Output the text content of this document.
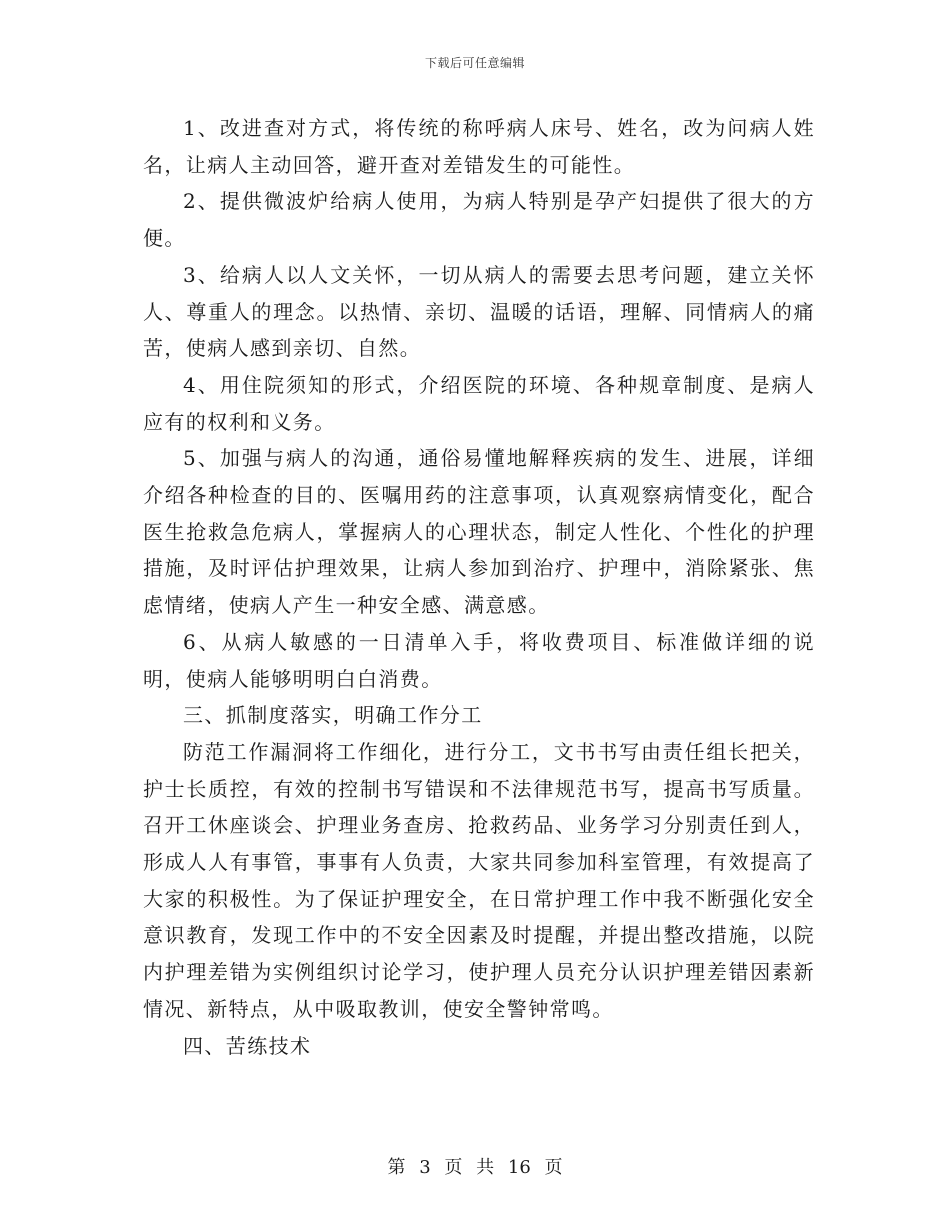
下载后可任意编辑

1、改进查对方式，将传统的称呼病人床号、姓名，改为问病人姓名，让病人主动回答，避开查对差错发生的可能性。

2、提供微波炉给病人使用，为病人特别是孕产妇提供了很大的方便。

3、给病人以人文关怀，一切从病人的需要去思考问题，建立关怀人、尊重人的理念。以热情、亲切、温暖的话语，理解、同情病人的痛苦，使病人感到亲切、自然。

4、用住院须知的形式，介绍医院的环境、各种规章制度、是病人应有的权利和义务。

5、加强与病人的沟通，通俗易懂地解释疾病的发生、进展，详细介绍各种检查的目的、医嘱用药的注意事项，认真观察病情变化，配合医生抢救急危病人，掌握病人的心理状态，制定人性化、个性化的护理措施，及时评估护理效果，让病人参加到治疗、护理中，消除紧张、焦虑情绪，使病人产生一种安全感、满意感。

6、从病人敏感的一日清单入手，将收费项目、标准做详细的说明，使病人能够明明白白消费。

三、抓制度落实，明确工作分工

防范工作漏洞将工作细化，进行分工，文书书写由责任组长把关，护士长质控，有效的控制书写错误和不法律规范书写，提高书写质量。召开工休座谈会、护理业务查房、抢救药品、业务学习分别责任到人，形成人人有事管，事事有人负责，大家共同参加科室管理，有效提高了大家的积极性。为了保证护理安全，在日常护理工作中我不断强化安全意识教育，发现工作中的不安全因素及时提醒，并提出整改措施，以院内护理差错为实例组织讨论学习，使护理人员充分认识护理差错因素新情况、新特点，从中吸取教训，使安全警钟常鸣。

四、苦练技术

第 3 页 共 16 页
